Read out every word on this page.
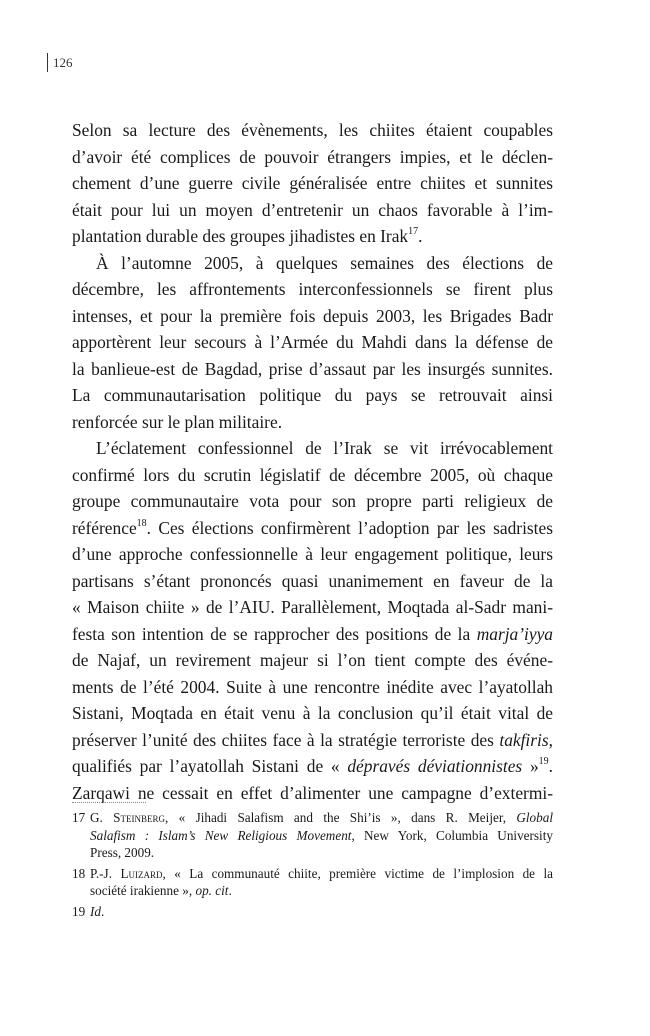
126
Selon sa lecture des évènements, les chiites étaient coupables
d’avoir été complices de pouvoir étrangers impies, et le déclen-
chement d’une guerre civile généralisée entre chiites et sunnites
était pour lui un moyen d’entretenir un chaos favorable à l’im-
plantation durable des groupes jihadistes en Irak$^{17}$.
À l’automne 2005, à quelques semaines des élections de
décembre, les affrontements interconfessionnels se firent plus
intenses, et pour la première fois depuis 2003, les Brigades Badr
apportèrent leur secours à l’Armée du Mahdi dans la défense de
la banlieue-est de Bagdad, prise d’assaut par les insurgés sunnites.
La communautarisation politique du pays se retrouvait ainsi
renforcée sur le plan militaire.
L’éclatement confessionnel de l’Irak se vit irrévocablement
confirmé lors du scrutin législatif de décembre 2005, où chaque
groupe communautaire vota pour son propre parti religieux de
référence$^{18}$. Ces élections confirmèrent l’adoption par les sadristes
d’une approche confessionnelle à leur engagement politique, leurs
partisans s’étant prononcés quasi unanimement en faveur de la
« Maison chiite » de l’AIU. Parallèlement, Moqtada al-Sadr mani-
festa son intention de se rapprocher des positions de la marja’iyya
de Najaf, un revirement majeur si l’on tient compte des événe-
ments de l’été 2004. Suite à une rencontre inédite avec l’ayatollah
Sistani, Moqtada en était venu à la conclusion qu’il était vital de
préserver l’unité des chiites face à la stratégie terroriste des takfiris,
qualifiés par l’ayatollah Sistani de « dépravés déviationnistes »$^{19}$.
Zarqawi ne cessait en effet d’alimenter une campagne d’extermi-
17 G. Steinberg, « Jihadi Salafism and the Shi’is », dans R. Meijer, Global
Salafism : Islam’s New Religious Movement, New York, Columbia University
Press, 2009.
18 P.-J. Luizard, « La communauté chiite, première victime de l’implosion de la
société irakienne », op. cit.
19 Id.
